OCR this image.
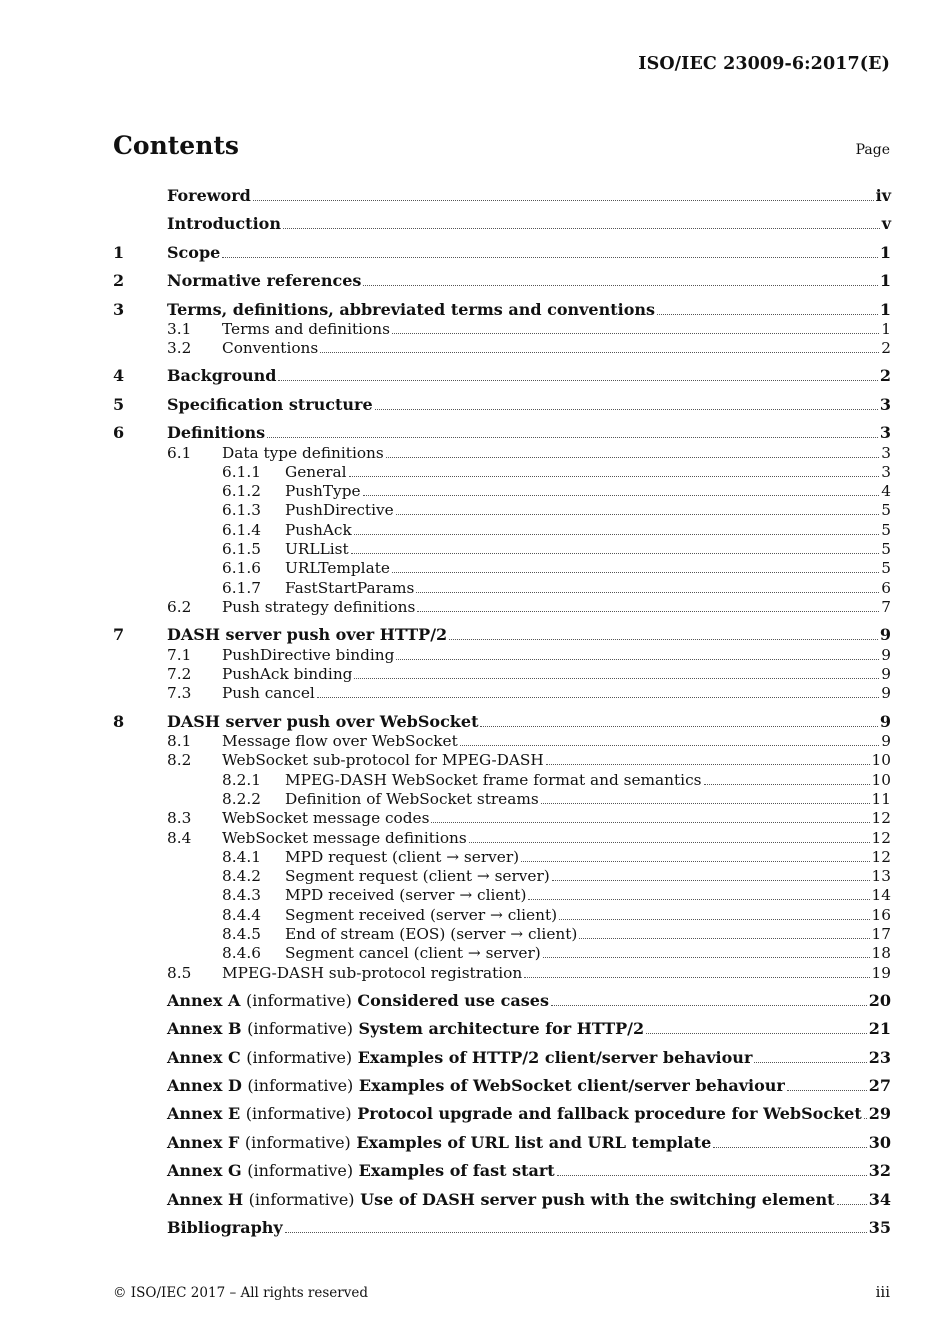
ISO/IEC 23009-6:2017(E)
Contents	Page
Foreword	iv
Introduction	v
1	Scope	1
2	Normative references	1
3	Terms, definitions, abbreviated terms and conventions	1
3.1 Terms and definitions	1
3.2 Conventions	2
4	Background	2
5	Specification structure	3
6	Definitions	3
6.1 Data type definitions	3
6.1.1 General	3
6.1.2 PushType	4
6.1.3 PushDirective	5
6.1.4 PushAck	5
6.1.5 URLList	5
6.1.6 URLTemplate	5
6.1.7 FastStartParams	6
6.2 Push strategy definitions	7
7	DASH server push over HTTP/2	9
7.1 PushDirective binding	9
7.2 PushAck binding	9
7.3 Push cancel	9
8	DASH server push over WebSocket	9
8.1 Message flow over WebSocket	9
8.2 WebSocket sub-protocol for MPEG-DASH	10
8.2.1 MPEG-DASH WebSocket frame format and semantics	10
8.2.2 Definition of WebSocket streams	11
8.3 WebSocket message codes	12
8.4 WebSocket message definitions	12
8.4.1 MPD request (client → server)	12
8.4.2 Segment request (client → server)	13
8.4.3 MPD received (server → client)	14
8.4.4 Segment received (server → client)	16
8.4.5 End of stream (EOS) (server → client)	17
8.4.6 Segment cancel (client → server)	18
8.5 MPEG-DASH sub-protocol registration	19
Annex A (informative) Considered use cases	20
Annex B (informative) System architecture for HTTP/2	21
Annex C (informative) Examples of HTTP/2 client/server behaviour	23
Annex D (informative) Examples of WebSocket client/server behaviour	27
Annex E (informative) Protocol upgrade and fallback procedure for WebSocket 29
Annex F (informative) Examples of URL list and URL template	30
Annex G (informative) Examples of fast start	32
Annex H (informative) Use of DASH server push with the switching element 34
Bibliography	35
© ISO/IEC 2017 – All rights reserved	iii
